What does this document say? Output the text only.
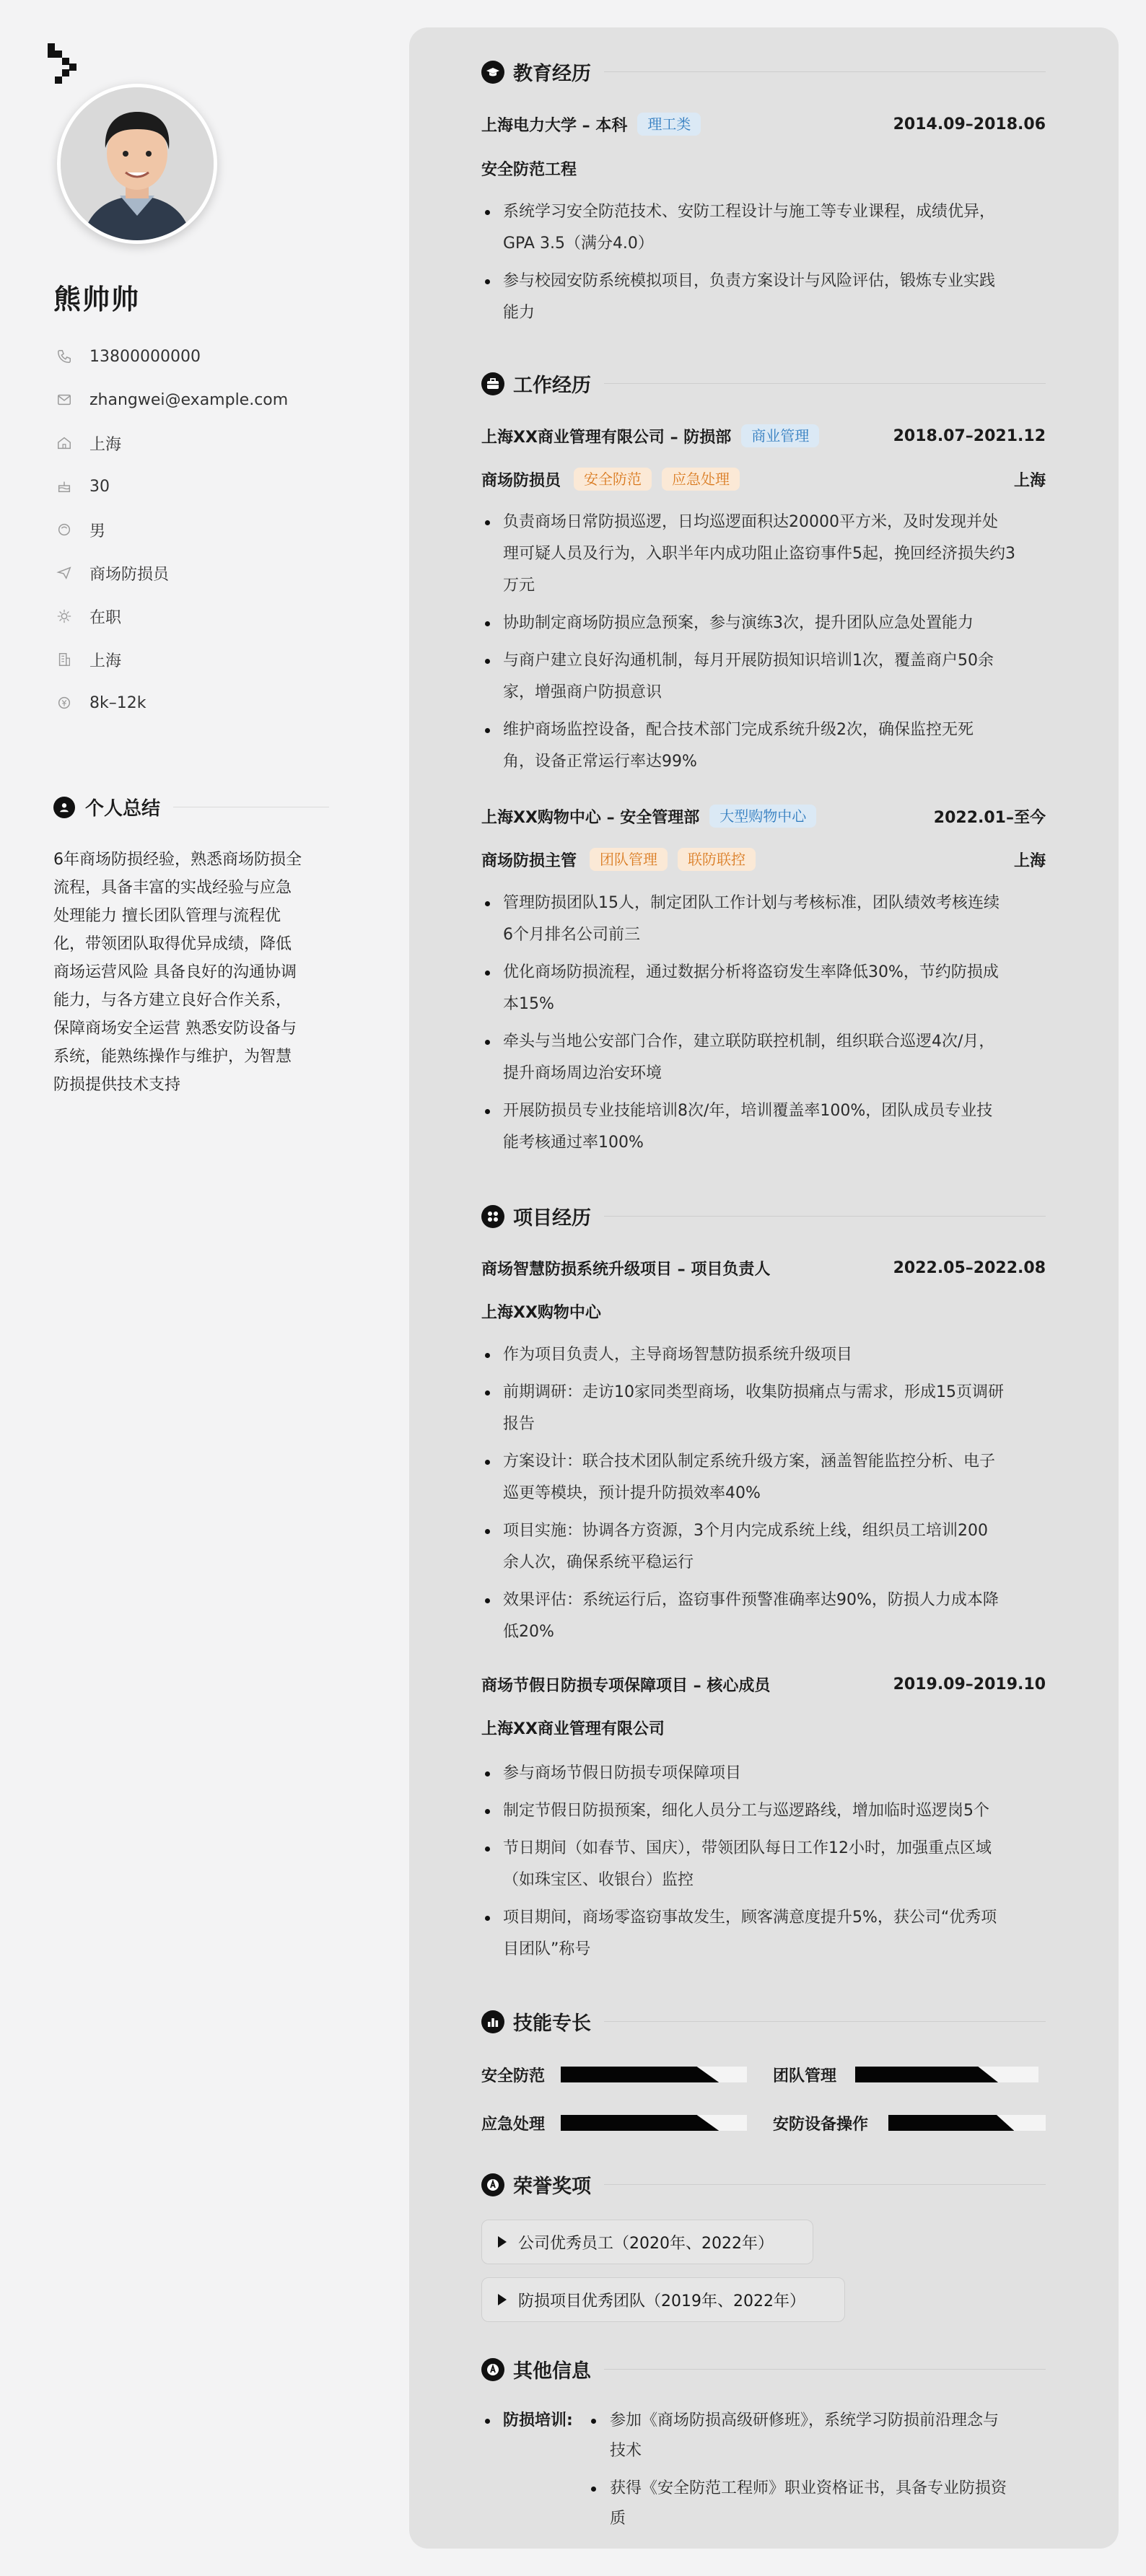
熊帅帅
13800000000
zhangwei@example.com
上海
30
男
商场防损员
在职
上海
8k–12k
个人总结
6年商场防损经验，熟悉商场防损全
流程，具备丰富的实战经验与应急
处理能力 擅长团队管理与流程优
化，带领团队取得优异成绩，降低
商场运营风险 具备良好的沟通协调
能力，与各方建立良好合作关系，
保障商场安全运营 熟悉安防设备与
系统，能熟练操作与维护，为智慧
防损提供技术支持
教育经历
上海电力大学 – 本科	理工类	2014.09–2018.06
安全防范工程
系统学习安全防范技术、安防工程设计与施工等专业课程，成绩优异，
GPA 3.5（满分4.0）
参与校园安防系统模拟项目，负责方案设计与风险评估，锻炼专业实践
能力
工作经历
上海XX商业管理有限公司 – 防损部	商业管理	2018.07–2021.12
商场防损员	安全防范	应急处理	上海
负责商场日常防损巡逻，日均巡逻面积达20000平方米，及时发现并处
理可疑人员及行为，入职半年内成功阻止盗窃事件5起，挽回经济损失约3
万元
协助制定商场防损应急预案，参与演练3次，提升团队应急处置能力
与商户建立良好沟通机制，每月开展防损知识培训1次，覆盖商户50余
家，增强商户防损意识
维护商场监控设备，配合技术部门完成系统升级2次，确保监控无死
角，设备正常运行率达99%
上海XX购物中心 – 安全管理部	大型购物中心	2022.01–至今
商场防损主管	团队管理	联防联控	上海
管理防损团队15人，制定团队工作计划与考核标准，团队绩效考核连续
6个月排名公司前三
优化商场防损流程，通过数据分析将盗窃发生率降低30%，节约防损成
本15%
牵头与当地公安部门合作，建立联防联控机制，组织联合巡逻4次/月，
提升商场周边治安环境
开展防损员专业技能培训8次/年，培训覆盖率100%，团队成员专业技
能考核通过率100%
项目经历
商场智慧防损系统升级项目 – 项目负责人	2022.05–2022.08
上海XX购物中心
作为项目负责人，主导商场智慧防损系统升级项目
前期调研：走访10家同类型商场，收集防损痛点与需求，形成15页调研
报告
方案设计：联合技术团队制定系统升级方案，涵盖智能监控分析、电子
巡更等模块，预计提升防损效率40%
项目实施：协调各方资源，3个月内完成系统上线，组织员工培训200
余人次，确保系统平稳运行
效果评估：系统运行后，盗窃事件预警准确率达90%，防损人力成本降
低20%
商场节假日防损专项保障项目 – 核心成员	2019.09–2019.10
上海XX商业管理有限公司
参与商场节假日防损专项保障项目
制定节假日防损预案，细化人员分工与巡逻路线，增加临时巡逻岗5个
节日期间（如春节、国庆），带领团队每日工作12小时，加强重点区域
（如珠宝区、收银台）监控
项目期间，商场零盗窃事故发生，顾客满意度提升5%，获公司“优秀项
目团队”称号
技能专长
安全防范	团队管理
应急处理	安防设备操作
荣誉奖项
公司优秀员工（2020年、2022年）
防损项目优秀团队（2019年、2022年）
其他信息
防损培训:	参加《商场防损高级研修班》，系统学习防损前沿理念与
技术
获得《安全防范工程师》职业资格证书，具备专业防损资
质
